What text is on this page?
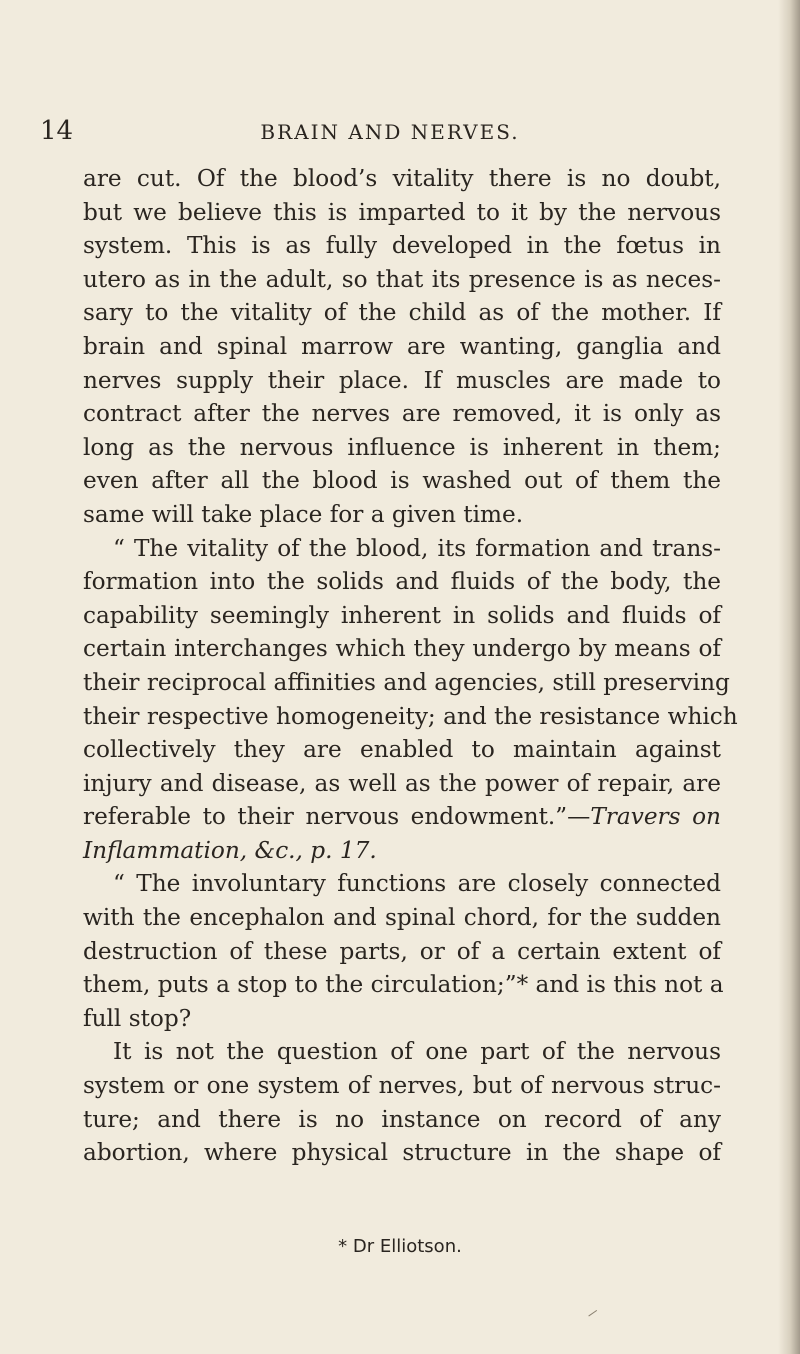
14	BRAIN AND NERVES.
are cut. Of the blood’s vitality there is no doubt,
but we believe this is imparted to it by the nervous
system. This is as fully developed in the fœtus in
utero as in the adult, so that its presence is as neces-
sary to the vitality of the child as of the mother. If
brain and spinal marrow are wanting, ganglia and
nerves supply their place. If muscles are made to
contract after the nerves are removed, it is only as
long as the nervous influence is inherent in them;
even after all the blood is washed out of them the
same will take place for a given time.
“ The vitality of the blood, its formation and trans-
formation into the solids and fluids of the body, the
capability seemingly inherent in solids and fluids of
certain interchanges which they undergo by means of
their reciprocal affinities and agencies, still preserving
their respective homogeneity; and the resistance which
collectively they are enabled to maintain against
injury and disease, as well as the power of repair, are
referable to their nervous endowment.”—Travers on
Inflammation, &c., p. 17.
“ The involuntary functions are closely connected
with the encephalon and spinal chord, for the sudden
destruction of these parts, or of a certain extent of
them, puts a stop to the circulation;”* and is this not a
full stop?
It is not the question of one part of the nervous
system or one system of nerves, but of nervous struc-
ture; and there is no instance on record of any
abortion, where physical structure in the shape of
* Dr Elliotson.
